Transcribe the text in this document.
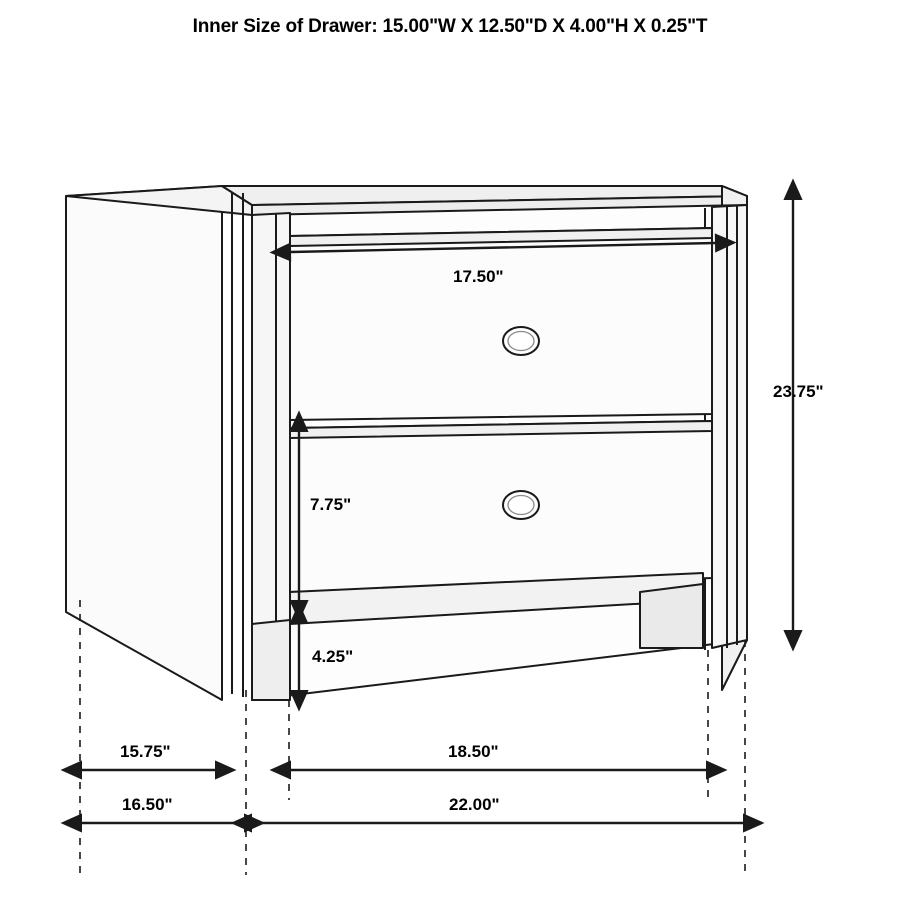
Inner Size of Drawer: 15.00"W X 12.50"D X 4.00"H X 0.25"T
17.50"
7.75"
4.25"
23.75"
15.75"	18.50"
16.50"	22.00"
